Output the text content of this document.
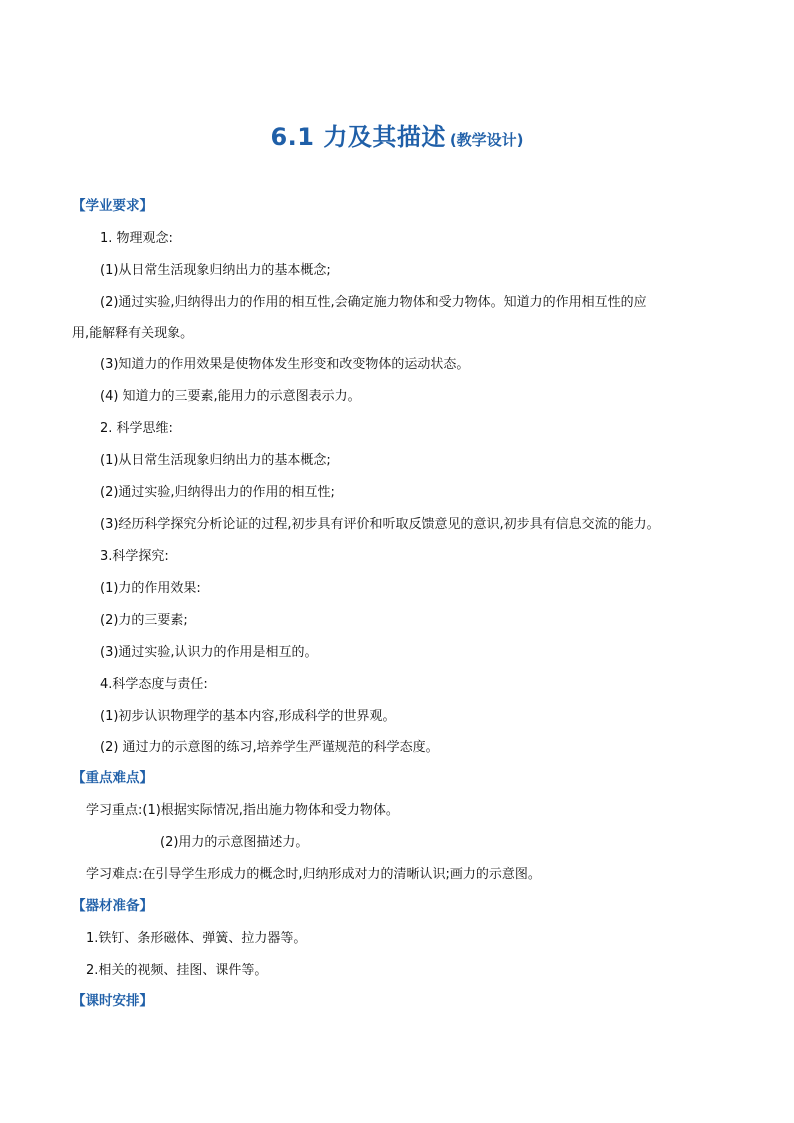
6.1 力及其描述 (教学设计)
【学业要求】
1. 物理观念:
(1)从日常生活现象归纳出力的基本概念;
(2)通过实验,归纳得出力的作用的相互性,会确定施力物体和受力物体。知道力的作用相互性的应
用,能解释有关现象。
(3)知道力的作用效果是使物体发生形变和改变物体的运动状态。
(4) 知道力的三要素,能用力的示意图表示力。
2. 科学思维:
(1)从日常生活现象归纳出力的基本概念;
(2)通过实验,归纳得出力的作用的相互性;
(3)经历科学探究分析论证的过程,初步具有评价和听取反馈意见的意识,初步具有信息交流的能力。
3.科学探究:
(1)力的作用效果:
(2)力的三要素;
(3)通过实验,认识力的作用是相互的。
4.科学态度与责任:
(1)初步认识物理学的基本内容,形成科学的世界观。
(2) 通过力的示意图的练习,培养学生严谨规范的科学态度。
【重点难点】
学习重点:(1)根据实际情况,指出施力物体和受力物体。
(2)用力的示意图描述力。
学习难点:在引导学生形成力的概念时,归纳形成对力的清晰认识;画力的示意图。
【器材准备】
1.铁钉、条形磁体、弹簧、拉力器等。
2.相关的视频、挂图、课件等。
【课时安排】
